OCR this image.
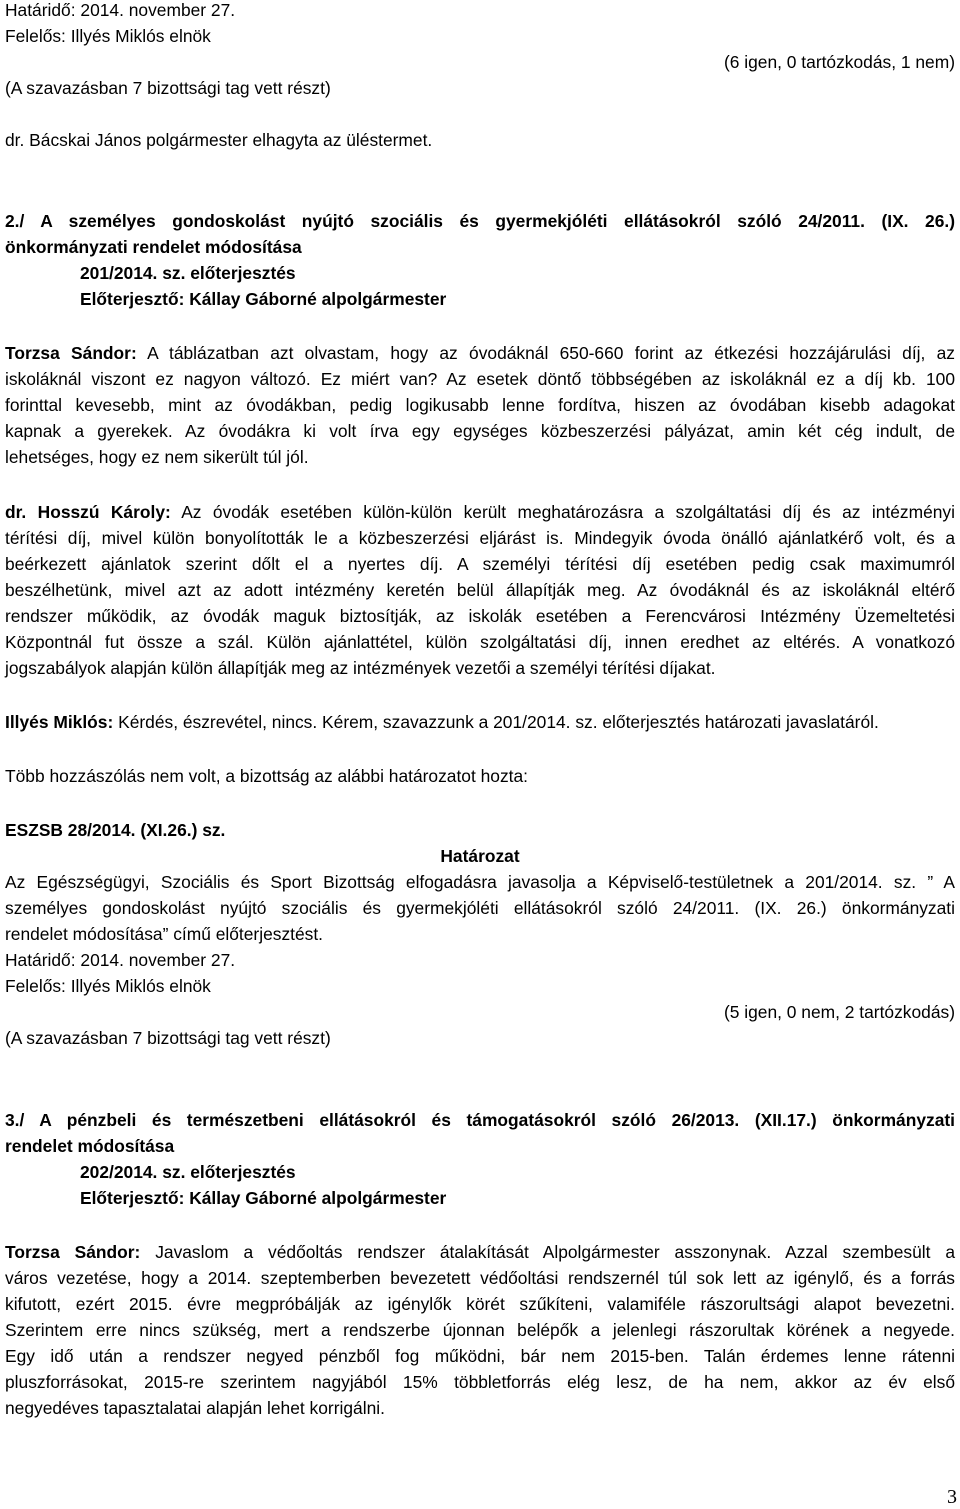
Határidő: 2014. november 27.
Felelős: Illyés Miklós elnök
(6 igen, 0 tartózkodás, 1 nem)
(A szavazásban 7 bizottsági tag vett részt)
dr. Bácskai János polgármester elhagyta az üléstermet.
2./ A személyes gondoskolást nyújtó szociális és gyermekjóléti ellátásokról szóló 24/2011. (IX. 26.)
önkormányzati rendelet módosítása
201/2014. sz. előterjesztés
Előterjesztő: Kállay Gáborné alpolgármester
Torzsa Sándor: A táblázatban azt olvastam, hogy az óvodáknál 650-660 forint az étkezési hozzájárulási díj, az
iskoláknál viszont ez nagyon változó. Ez miért van? Az esetek döntő többségében az iskoláknál ez a díj kb. 100
forinttal kevesebb, mint az óvodákban, pedig logikusabb lenne fordítva, hiszen az óvodában kisebb adagokat
kapnak a gyerekek. Az óvodákra ki volt írva egy egységes közbeszerzési pályázat, amin két cég indult, de
lehetséges, hogy ez nem sikerült túl jól.
dr. Hosszú Károly: Az óvodák esetében külön-külön került meghatározásra a szolgáltatási díj és az intézményi
térítési díj, mivel külön bonyolították le a közbeszerzési eljárást is. Mindegyik óvoda önálló ajánlatkérő volt, és a
beérkezett ajánlatok szerint dőlt el a nyertes díj. A személyi térítési díj esetében pedig csak maximumról
beszélhetünk, mivel azt az adott intézmény keretén belül állapítják meg. Az óvodáknál és az iskoláknál eltérő
rendszer működik, az óvodák maguk biztosítják, az iskolák esetében a Ferencvárosi Intézmény Üzemeltetési
Központnál fut össze a szál. Külön ajánlattétel, külön szolgáltatási díj, innen eredhet az eltérés. A vonatkozó
jogszabályok alapján külön állapítják meg az intézmények vezetői a személyi térítési díjakat.
Illyés Miklós: Kérdés, észrevétel, nincs. Kérem, szavazzunk a 201/2014. sz. előterjesztés határozati javaslatáról.
Több hozzászólás nem volt, a bizottság az alábbi határozatot hozta:
ESZSB 28/2014. (XI.26.) sz.
Határozat
Az Egészségügyi, Szociális és Sport Bizottság elfogadásra javasolja a Képviselő-testületnek a 201/2014. sz. ” A
személyes gondoskolást nyújtó szociális és gyermekjóléti ellátásokról szóló 24/2011. (IX. 26.) önkormányzati
rendelet módosítása” című előterjesztést.
Határidő: 2014. november 27.
Felelős: Illyés Miklós elnök
(5 igen, 0 nem, 2 tartózkodás)
(A szavazásban 7 bizottsági tag vett részt)
3./ A pénzbeli és természetbeni ellátásokról és támogatásokról szóló 26/2013. (XII.17.) önkormányzati
rendelet módosítása
202/2014. sz. előterjesztés
Előterjesztő: Kállay Gáborné alpolgármester
Torzsa Sándor: Javaslom a védőoltás rendszer átalakítását Alpolgármester asszonynak. Azzal szembesült a
város vezetése, hogy a 2014. szeptemberben bevezetett védőoltási rendszernél túl sok lett az igénylő, és a forrás
kifutott, ezért 2015. évre megpróbálják az igénylők körét szűkíteni, valamiféle rászorultsági alapot bevezetni.
Szerintem erre nincs szükség, mert a rendszerbe újonnan belépők a jelenlegi rászorultak körének a negyede.
Egy idő után a rendszer negyed pénzből fog működni, bár nem 2015-ben. Talán érdemes lenne rátenni
pluszforrásokat, 2015-re szerintem nagyjából 15% többletforrás elég lesz, de ha nem, akkor az év első
negyedéves tapasztalatai alapján lehet korrigálni.
3
